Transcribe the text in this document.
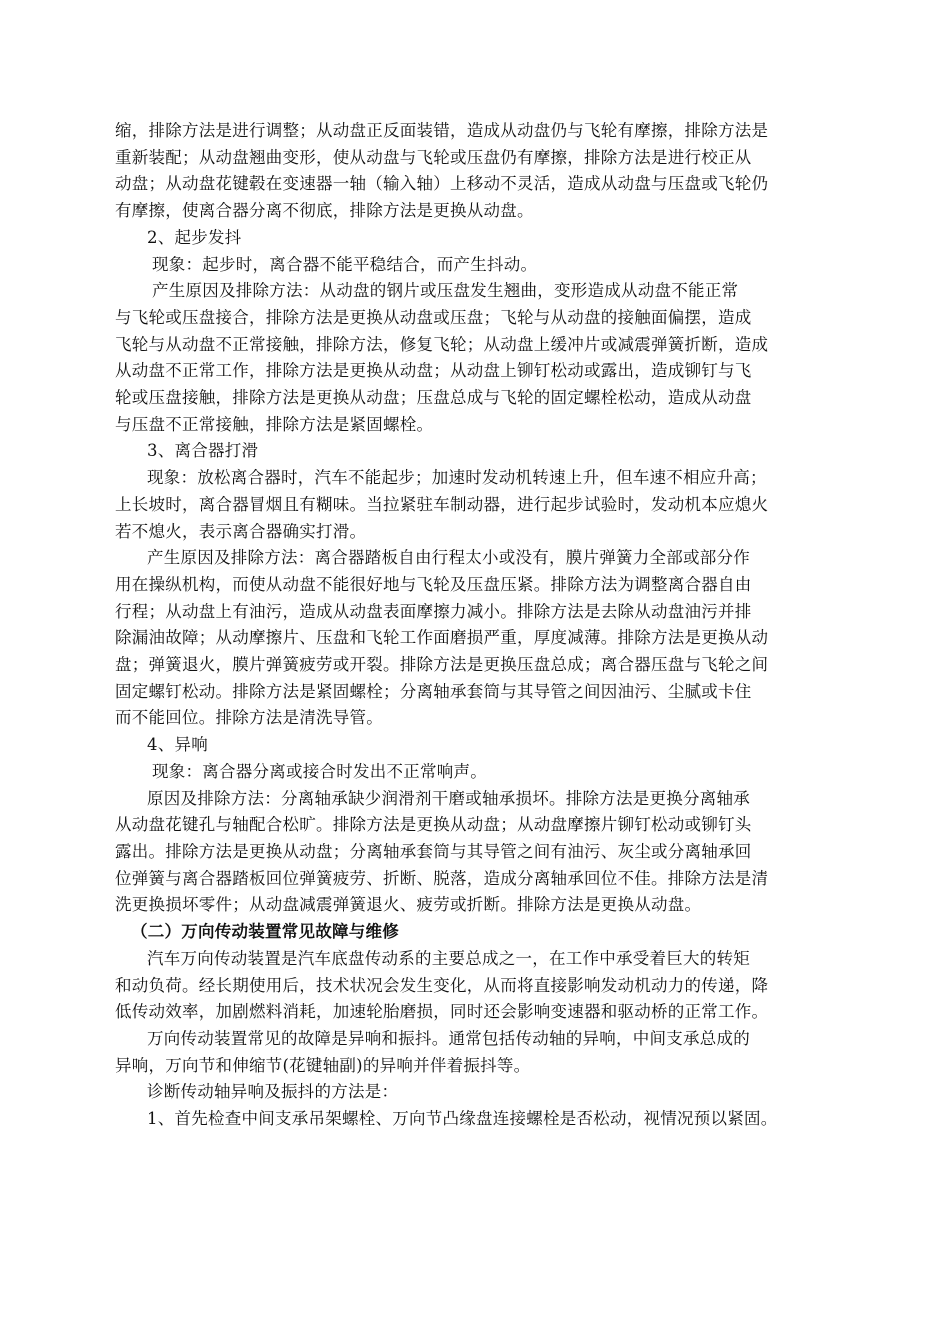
缩，排除方法是进行调整；从动盘正反面装错，造成从动盘仍与飞轮有摩擦，排除方法是
重新装配；从动盘翘曲变形，使从动盘与飞轮或压盘仍有摩擦，排除方法是进行校正从
动盘；从动盘花键毂在变速器一轴（输入轴）上移动不灵活，造成从动盘与压盘或飞轮仍
有摩擦，使离合器分离不彻底，排除方法是更换从动盘。
2、起步发抖
现象：起步时，离合器不能平稳结合，而产生抖动。
产生原因及排除方法：从动盘的钢片或压盘发生翘曲，变形造成从动盘不能正常
与飞轮或压盘接合，排除方法是更换从动盘或压盘；飞轮与从动盘的接触面偏摆，造成
飞轮与从动盘不正常接触，排除方法，修复飞轮；从动盘上缓冲片或减震弹簧折断，造成
从动盘不正常工作，排除方法是更换从动盘；从动盘上铆钉松动或露出，造成铆钉与飞
轮或压盘接触，排除方法是更换从动盘；压盘总成与飞轮的固定螺栓松动，造成从动盘
与压盘不正常接触，排除方法是紧固螺栓。
3、离合器打滑
现象：放松离合器时，汽车不能起步；加速时发动机转速上升，但车速不相应升高；
上长坡时，离合器冒烟且有糊味。当拉紧驻车制动器，进行起步试验时，发动机本应熄火
若不熄火，表示离合器确实打滑。
产生原因及排除方法：离合器踏板自由行程太小或没有，膜片弹簧力全部或部分作
用在操纵机构，而使从动盘不能很好地与飞轮及压盘压紧。排除方法为调整离合器自由
行程；从动盘上有油污，造成从动盘表面摩擦力减小。排除方法是去除从动盘油污并排
除漏油故障；从动摩擦片、压盘和飞轮工作面磨损严重，厚度减薄。排除方法是更换从动
盘；弹簧退火，膜片弹簧疲劳或开裂。排除方法是更换压盘总成；离合器压盘与飞轮之间
固定螺钉松动。排除方法是紧固螺栓；分离轴承套筒与其导管之间因油污、尘腻或卡住
而不能回位。排除方法是清洗导管。
4、异响
现象：离合器分离或接合时发出不正常响声。
原因及排除方法：分离轴承缺少润滑剂干磨或轴承损坏。排除方法是更换分离轴承
从动盘花键孔与轴配合松旷。排除方法是更换从动盘；从动盘摩擦片铆钉松动或铆钉头
露出。排除方法是更换从动盘；分离轴承套筒与其导管之间有油污、灰尘或分离轴承回
位弹簧与离合器踏板回位弹簧疲劳、折断、脱落，造成分离轴承回位不佳。排除方法是清
洗更换损坏零件；从动盘减震弹簧退火、疲劳或折断。排除方法是更换从动盘。
（二）万向传动装置常见故障与维修
汽车万向传动装置是汽车底盘传动系的主要总成之一，在工作中承受着巨大的转矩
和动负荷。经长期使用后，技术状况会发生变化，从而将直接影响发动机动力的传递，降
低传动效率，加剧燃料消耗，加速轮胎磨损，同时还会影响变速器和驱动桥的正常工作。
万向传动装置常见的故障是异响和振抖。通常包括传动轴的异响，中间支承总成的
异响，万向节和伸缩节(花键轴副)的异响并伴着振抖等。
诊断传动轴异响及振抖的方法是：
1、首先检查中间支承吊架螺栓、万向节凸缘盘连接螺栓是否松动，视情况预以紧固。
